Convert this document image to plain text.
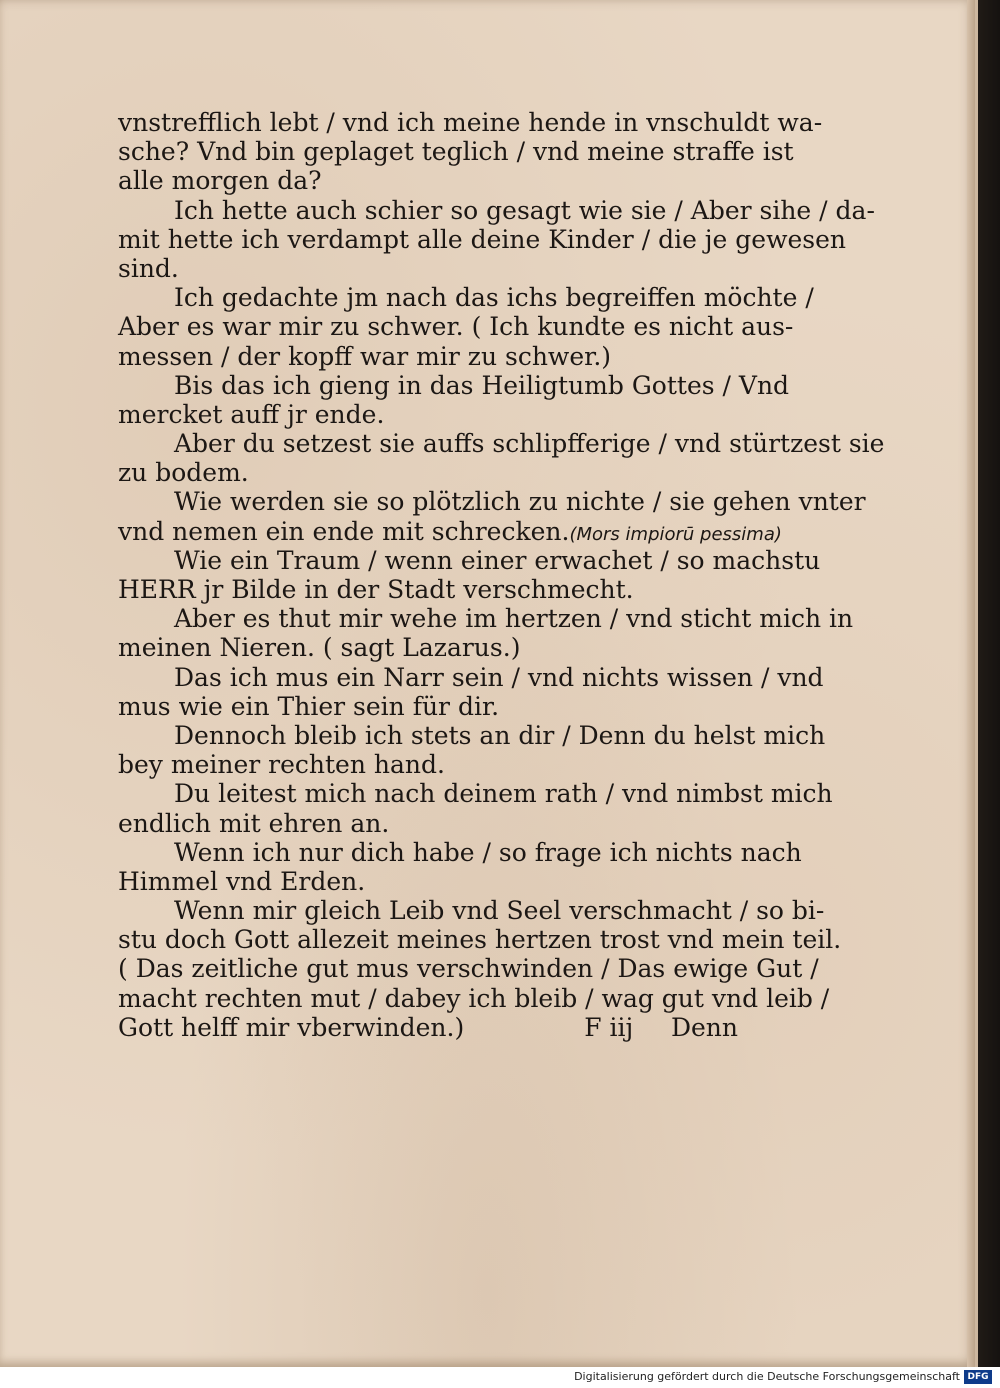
vnstrefflich lebt / vnd ich meine hende in vnschuldt wa-
sche? Vnd bin geplaget teglich / vnd meine straffe ist
alle morgen da?
Ich hette auch schier so gesagt wie sie / Aber sihe / da-
mit hette ich verdampt alle deine Kinder / die je gewesen
sind.
Ich gedachte jm nach das ichs begreiffen möchte /
Aber es war mir zu schwer. ( Ich kundte es nicht aus-
messen / der kopff war mir zu schwer.)
Bis das ich gieng in das Heiligtumb Gottes / Vnd
mercket auff jr ende.
Aber du setzest sie auffs schlipfferige / vnd stürtzest sie
zu bodem.
Wie werden sie so plötzlich zu nichte / sie gehen vnter
vnd nemen ein ende mit schrecken.(Mors impiorū pessima)
Wie ein Traum / wenn einer erwachet / so machstu
HERR jr Bilde in der Stadt verschmecht.
Aber es thut mir wehe im hertzen / vnd sticht mich in
meinen Nieren. ( sagt Lazarus.)
Das ich mus ein Narr sein / vnd nichts wissen / vnd
mus wie ein Thier sein für dir.
Dennoch bleib ich stets an dir / Denn du helst mich
bey meiner rechten hand.
Du leitest mich nach deinem rath / vnd nimbst mich
endlich mit ehren an.
Wenn ich nur dich habe / so frage ich nichts nach
Himmel vnd Erden.
Wenn mir gleich Leib vnd Seel verschmacht / so bi-
stu doch Gott allezeit meines hertzen trost vnd mein teil.
( Das zeitliche gut mus verschwinden / Das ewige Gut /
macht rechten mut / dabey ich bleib / wag gut vnd leib /
Gott helff mir vberwinden.)	F iij Denn
Digitalisierung gefördert durch die Deutsche Forschungsgemeinschaft DFG
